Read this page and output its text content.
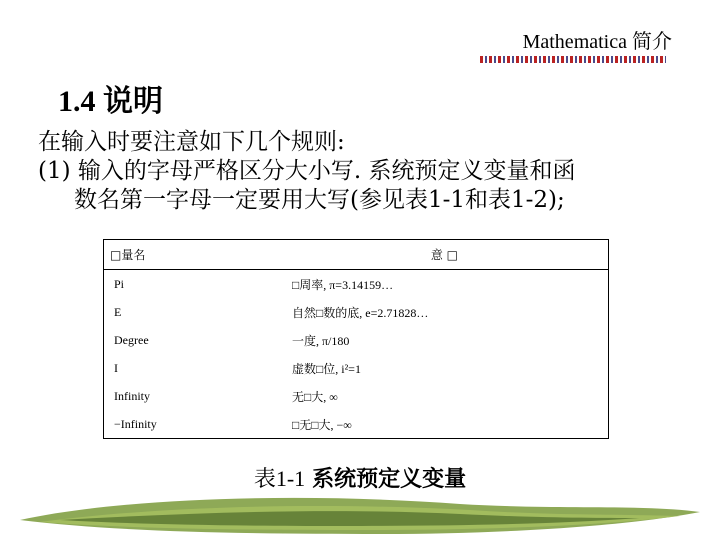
Mathematica 简介
1.4 说明
在输入时要注意如下几个规则:
(1) 输入的字母严格区分大小写. 系统预定义变量和函
数名第一字母一定要用大写(参见表1-1和表1-2);
□量名	意 □
Pi	□周率, π=3.14159…
E	自然□数的底, e=2.71828…
Degree	一度, π/180
I	虚数□位, i²=1
Infinity	无□大, ∞
−Infinity	□无□大, −∞
表1-1 系统预定义变量
